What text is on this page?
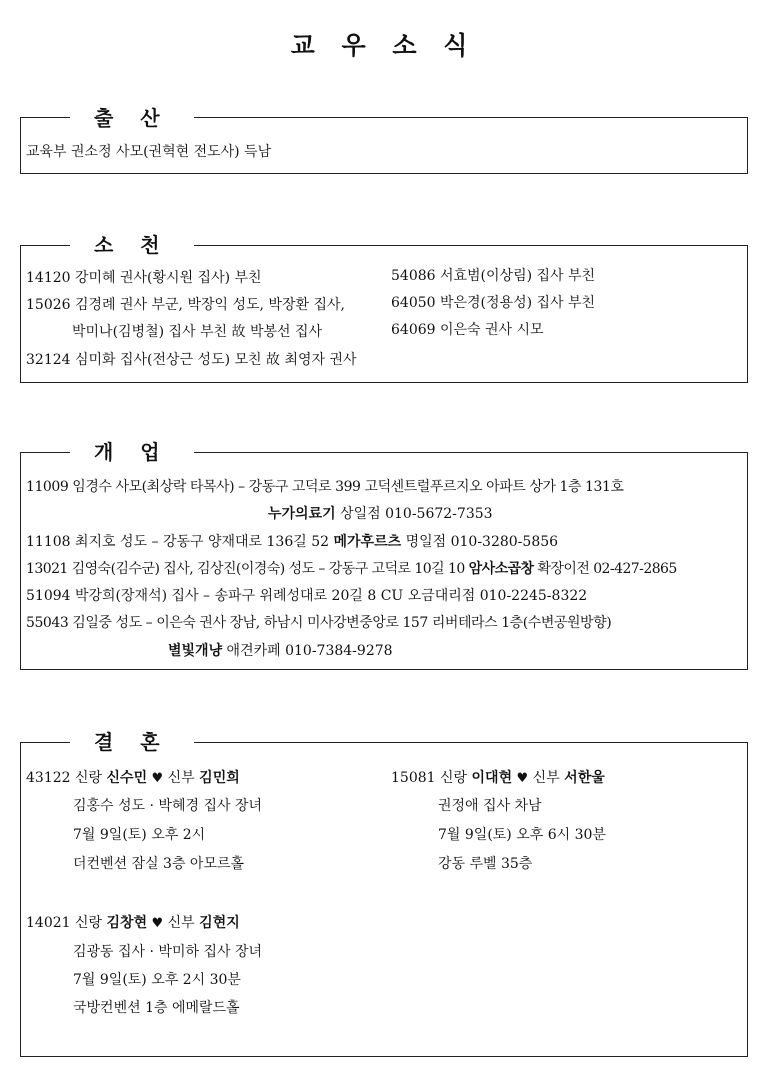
교 우 소 식
출 산
교육부 권소정 사모(권혁현 전도사) 득남
소 천
14120 강미혜 권사(황시원 집사) 부친
15026 김경례 권사 부군, 박장익 성도, 박장환 집사,
박미나(김병철) 집사 부친 故 박봉선 집사
32124 심미화 집사(전상근 성도) 모친 故 최영자 권사
54086 서효범(이상림) 집사 부친
64050 박은경(정용성) 집사 부친
64069 이은숙 권사 시모
개 업
11009 임경수 사모(최상락 타목사) – 강동구 고덕로 399 고덕센트럴푸르지오 아파트 상가 1층 131호
누가의료기 상일점 010-5672-7353
11108 최지호 성도 – 강동구 양재대로 136길 52 메가후르츠 명일점 010-3280-5856
13021 김영숙(김수군) 집사, 김상진(이경숙) 성도 – 강동구 고덕로 10길 10 암사소곱창 확장이전 02-427-2865
51094 박강희(장재석) 집사 – 송파구 위례성대로 20길 8 CU 오금대리점 010-2245-8322
55043 김일중 성도 – 이은숙 권사 장남, 하남시 미사강변중앙로 157 리버테라스 1층(수변공원방향)
별빛개냥 애견카페 010-7384-9278
결 혼
43122 신랑 신수민 ♥ 신부 김민희
김홍수 성도 · 박혜경 집사 장녀
7월 9일(토) 오후 2시
더컨벤션 잠실 3층 아모르홀
15081 신랑 이대현 ♥ 신부 서한울
권정애 집사 차남
7월 9일(토) 오후 6시 30분
강동 루벨 35층
14021 신랑 김창현 ♥ 신부 김현지
김광동 집사 · 박미하 집사 장녀
7월 9일(토) 오후 2시 30분
국방컨벤션 1층 에메랄드홀
